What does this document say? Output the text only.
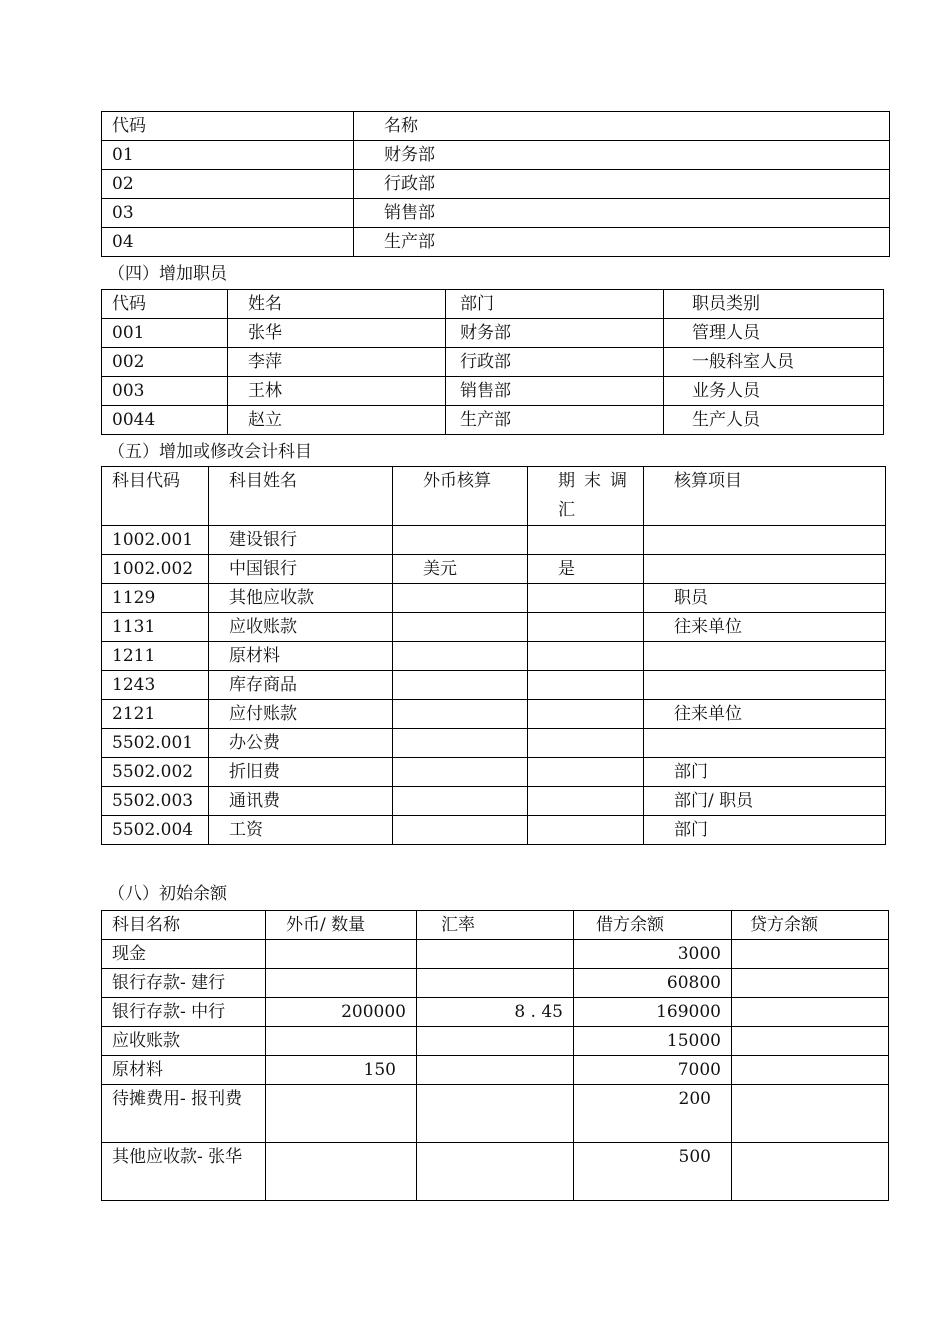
代码	名称
01	财务部
02	行政部
03	销售部
04	生产部
（四）增加职员
代码	姓名	部门	职员类别
001	张华	财务部	管理人员
002	李萍	行政部	一般科室人员
003	王林	销售部	业务人员
0044	赵立	生产部	生产人员
（五）增加或修改会计科目
科目代码	科目姓名	外币核算	期末调汇	核算项目
1002.001	建设银行			
1002.002	中国银行	美元	是	
1129	其他应收款			职员
1131	应收账款			往来单位
1211	原材料			
1243	库存商品			
2121	应付账款			往来单位
5502.001	办公费			
5502.002	折旧费			部门
5502.003	通讯费			部门/ 职员
5502.004	工资			部门
（八）初始余额
科目名称	外币/ 数量	汇率	借方余额	贷方余额
现金			3000	
银行存款- 建行			60800	
银行存款- 中行	200000	8 . 45	169000	
应收账款			15000	
原材料	150		7000	
待摊费用- 报刊费			200	
其他应收款- 张华			500	
